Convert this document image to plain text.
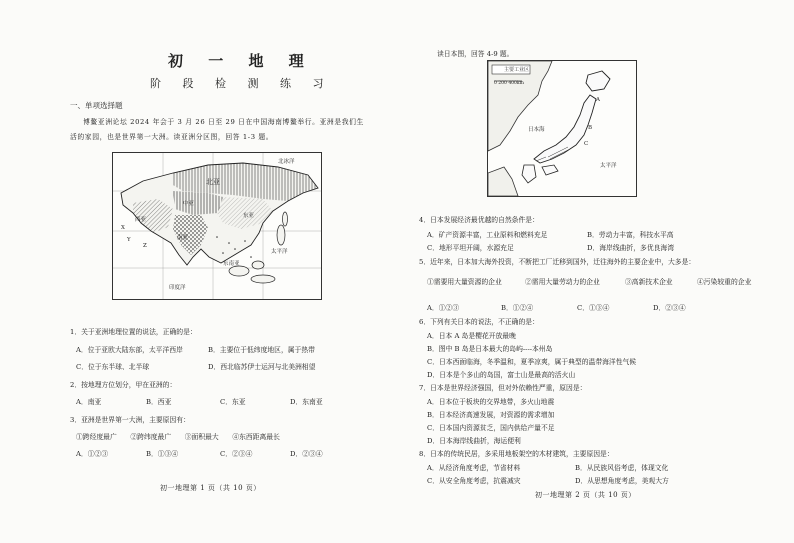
初 一 地 理
阶 段 检 测 练 习
一、单项选择题
博鳌亚洲论坛 2024 年会于 3 月 26 日至 29 日在中国海南博鳌举行。亚洲是我们生
活的家园，也是世界第一大洲。读亚洲分区图，回答 1-3 题。
北冰洋
北亚
太平洋
印度洋
西亚
东亚
中亚
南亚
东南亚
X
Y
Z
1．关于亚洲地理位置的说法，正确的是：
A．位于亚欧大陆东部，太平洋西岸	B．主要位于低纬度地区，属于热带
C．位于东半球、北半球	D．西北临苏伊士运河与北美洲相望
2．按地理方位划分，甲在亚洲的：
A．南亚	B．西亚	C．东亚	D．东南亚
3．亚洲是世界第一大洲，主要原因有：
①跨经度最广　　②跨纬度最广　　③面积最大　　④东西距离最长
A．①②③	B．①③④	C．②③④	D．②③④
初一地理第 1 页（共 10 页）
读日本图，回答 4-9 题。
主要工业区
0 200 400km
日本海
太平洋
A
B
C
4．日本发展经济最优越的自然条件是：
A．矿产资源丰富，工业原料和燃料充足	B．劳动力丰富，科技水平高
C．地形平坦开阔，水源充足	D．海岸线曲折，多优良海湾
5．近年来，日本加大海外投资，不断把工厂迁移到国外，迁往海外的主要企业中，大多是：
①需要用大量资源的企业	②需用大量劳动力的企业	③高新技术企业	④污染较重的企业
A．①②③	B．①②④	C．①③④	D．②③④
6．下列有关日本的说法，不正确的是：
A．日本 A 岛是樱花开放最晚
B．图中 B 岛是日本最大的岛屿----本州岛
C．日本西面临海，冬季温和，夏季凉爽，属于典型的温带海洋性气候
D．日本是个多山的岛国，富士山是最高的活火山
7．日本是世界经济强国，但对外依赖性严重，原因是：
A．日本位于板块的交界地带，多火山地震
B．日本经济高速发展，对资源的需求增加
C．日本国内资源贫乏，国内供给产量不足
D．日本海岸线曲折，海运便利
8．日本的传统民居，多采用地板架空的木材建筑，主要原因是：
A．从经济角度考虑，节省材料	B．从民族风俗考虑，体现文化
C．从安全角度考虑，抗震减灾	D．从思想角度考虑，美观大方
初一地理第 2 页（共 10 页）
